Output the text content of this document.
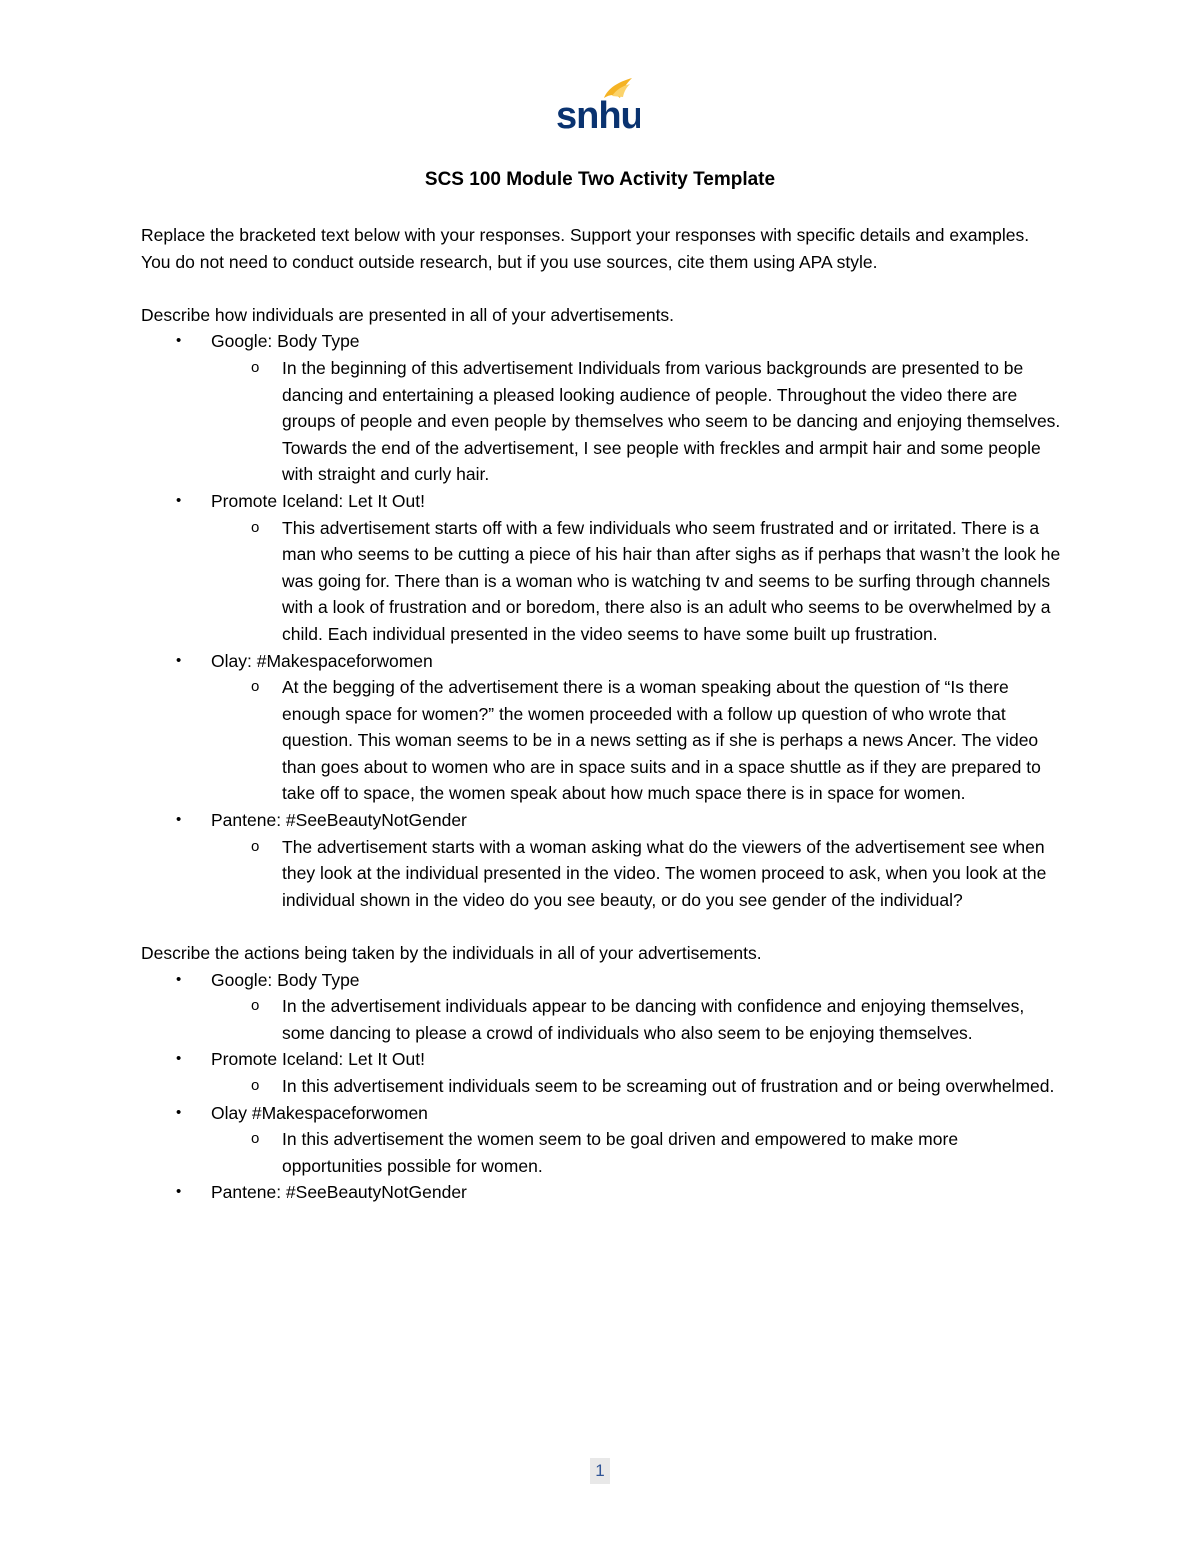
snhu
SCS 100 Module Two Activity Template

Replace the bracketed text below with your responses. Support your responses with specific details and examples. You do not need to conduct outside research, but if you use sources, cite them using APA style.

Describe how individuals are presented in all of your advertisements.

•	Google: Body Type
o In the beginning of this advertisement Individuals from various backgrounds are presented to be dancing and entertaining a pleased looking audience of people. Throughout the video there are groups of people and even people by themselves who seem to be dancing and enjoying themselves. Towards the end of the advertisement, I see people with freckles and armpit hair and some people with straight and curly hair.
•	Promote Iceland: Let It Out!
o This advertisement starts off with a few individuals who seem frustrated and or irritated. There is a man who seems to be cutting a piece of his hair than after sighs as if perhaps that wasn’t the look he was going for. There than is a woman who is watching tv and seems to be surfing through channels with a look of frustration and or boredom, there also is an adult who seems to be overwhelmed by a child. Each individual presented in the video seems to have some built up frustration.
•	Olay: #Makespaceforwomen
o At the begging of the advertisement there is a woman speaking about the question of “Is there enough space for women?” the women proceeded with a follow up question of who wrote that question. This woman seems to be in a news setting as if she is perhaps a news Ancer. The video than goes about to women who are in space suits and in a space shuttle as if they are prepared to take off to space, the women speak about how much space there is in space for women.
•	Pantene: #SeeBeautyNotGender
o The advertisement starts with a woman asking what do the viewers of the advertisement see when they look at the individual presented in the video. The women proceed to ask, when you look at the individual shown in the video do you see beauty, or do you see gender of the individual?

Describe the actions being taken by the individuals in all of your advertisements.

•	Google: Body Type
o In the advertisement individuals appear to be dancing with confidence and enjoying themselves, some dancing to please a crowd of individuals who also seem to be enjoying themselves.
•	Promote Iceland: Let It Out!
o In this advertisement individuals seem to be screaming out of frustration and or being overwhelmed.
•	Olay #Makespaceforwomen
o In this advertisement the women seem to be goal driven and empowered to make more opportunities possible for women.
•	Pantene: #SeeBeautyNotGender
1
